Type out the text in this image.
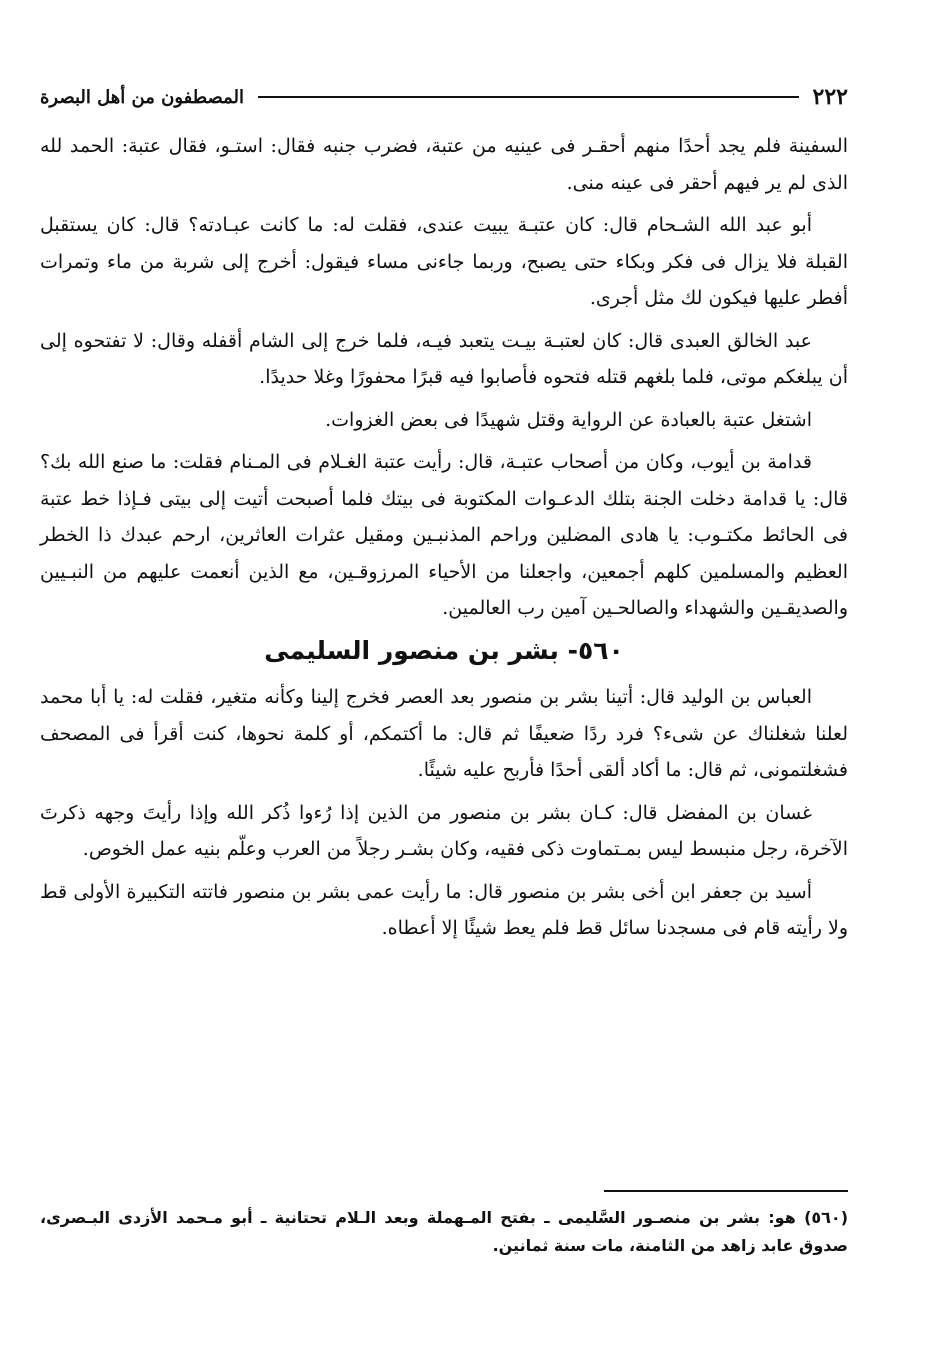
٢٢٢
المصطفون من أهل البصرة

السفينة فلم يجد أحدًا منهم أحقـر فى عينيه من عتبة، فضرب جنبه فقال: استـو، فقال عتبة: الحمد لله الذى لم ير فيهم أحقر فى عينه منى.

أبو عبد الله الشـحام قال: كان عتبـة يبيت عندى، فقلت له: ما كانت عبـادته؟ قال: كان يستقبل القبلة فلا يزال فى فكر وبكاء حتى يصبح، وربما جاءنى مساء فيقول: أخرج إلى شربة من ماء وتمرات أفطر عليها فيكون لك مثل أجرى.

عبد الخالق العبدى قال: كان لعتبـة بيـت يتعبد فيـه، فلما خرج إلى الشام أقفله وقال: لا تفتحوه إلى أن يبلغكم موتى، فلما بلغهم قتله فتحوه فأصابوا فيه قبرًا محفورًا وغلا حديدًا.

اشتغل عتبة بالعبادة عن الرواية وقتل شهيدًا فى بعض الغزوات.

قدامة بن أيوب، وكان من أصحاب عتبـة، قال: رأيت عتبة الغـلام فى المـنام فقلت: ما صنع الله بك؟ قال: يا قدامة دخلت الجنة بتلك الدعـوات المكتوبة فى بيتك فلما أصبحت أتيت إلى بيتى فـإذا خط عتبة فى الحائط مكتـوب: يا هادى المضلين وراحم المذنبـين ومقيل عثرات العاثرين، ارحم عبدك ذا الخطر العظيم والمسلمين كلهم أجمعين، واجعلنا من الأحياء المرزوقـين، مع الذين أنعمت عليهم من النبـيين والصديقـين والشهداء والصالحـين آمين رب العالمين.

٥٦٠- بشر بن منصور السليمى

العباس بن الوليد قال: أتينا بشر بن منصور بعد العصر فخرج إلينا وكأنه متغير، فقلت له: يا أبا محمد لعلنا شغلناك عن شىء؟ فرد ردًا ضعيفًا ثم قال: ما أكتمكم، أو كلمة نحوها، كنت أقرأ فى المصحف فشغلتمونى، ثم قال: ما أكاد ألقى أحدًا فأربح عليه شيئًا.

غسان بن المفضل قال: كـان بشر بن منصور من الذين إذا رُءوا ذُكر الله وإذا رأيتَ وجهه ذكرتَ الآخرة، رجل منبسط ليس بمـتماوت ذكى فقيه، وكان بشـر رجلاً من العرب وعلّم بنيه عمل الخوص.

أسيد بن جعفر ابن أخى بشر بن منصور قال: ما رأيت عمى بشر بن منصور فاتته التكبيرة الأولى قط ولا رأيته قام فى مسجدنا سائل قط فلم يعط شيئًا إلا أعطاه.

(٥٦٠) هو: بشر بن منصـور السَّليمى ـ بفتح المـهملة وبعد الـلام تحتانية ـ أبو مـحمد الأزدى البـصرى، صدوق عابد زاهد من الثامنة، مات سنة ثمانين.
